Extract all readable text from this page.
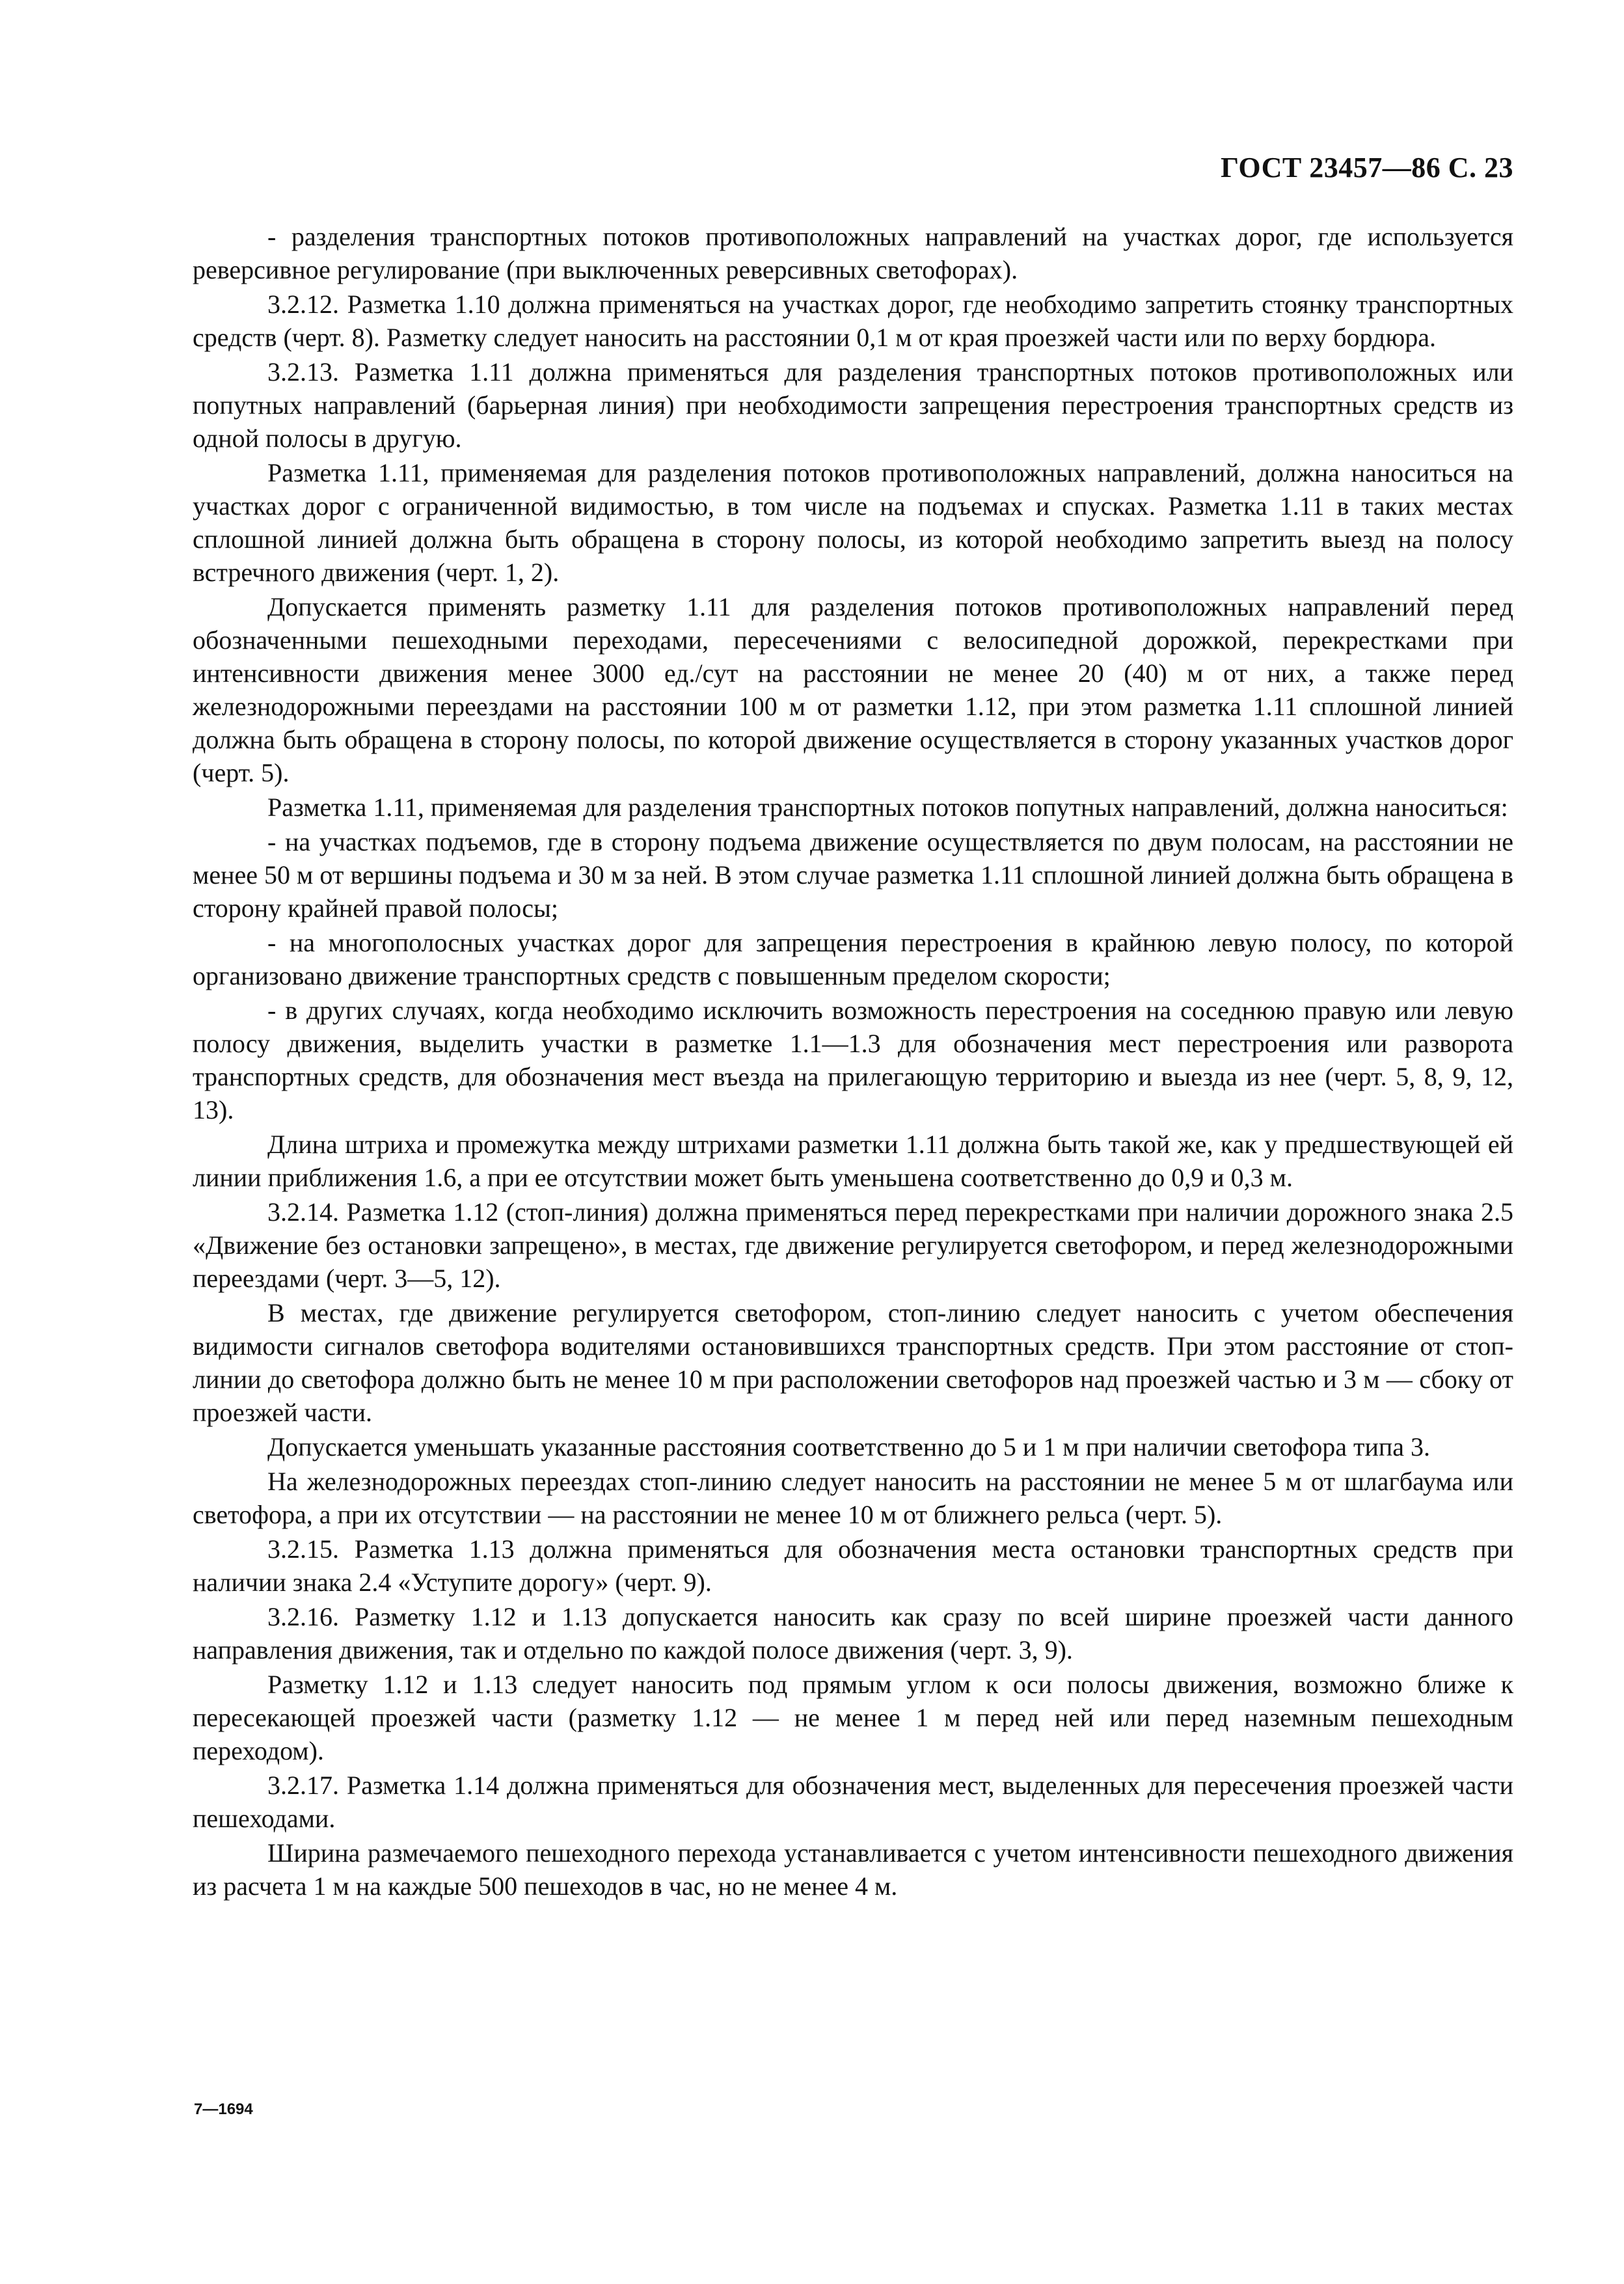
ГОСТ 23457—86 С. 23

- разделения транспортных потоков противоположных направлений на участках дорог, где используется реверсивное регулирование (при выключенных реверсивных светофорах).

3.2.12. Разметка 1.10 должна применяться на участках дорог, где необходимо запретить стоянку транспортных средств (черт. 8). Разметку следует наносить на расстоянии 0,1 м от края проезжей части или по верху бордюра.

3.2.13. Разметка 1.11 должна применяться для разделения транспортных потоков противоположных или попутных направлений (барьерная линия) при необходимости запрещения перестроения транспортных средств из одной полосы в другую.

Разметка 1.11, применяемая для разделения потоков противоположных направлений, должна наноситься на участках дорог с ограниченной видимостью, в том числе на подъемах и спусках. Разметка 1.11 в таких местах сплошной линией должна быть обращена в сторону полосы, из которой необходимо запретить выезд на полосу встречного движения (черт. 1, 2).

Допускается применять разметку 1.11 для разделения потоков противоположных направлений перед обозначенными пешеходными переходами, пересечениями с велосипедной дорожкой, перекрестками при интенсивности движения менее 3000 ед./сут на расстоянии не менее 20 (40) м от них, а также перед железнодорожными переездами на расстоянии 100 м от разметки 1.12, при этом разметка 1.11 сплошной линией должна быть обращена в сторону полосы, по которой движение осуществляется в сторону указанных участков дорог (черт. 5).

Разметка 1.11, применяемая для разделения транспортных потоков попутных направлений, должна наноситься:

- на участках подъемов, где в сторону подъема движение осуществляется по двум полосам, на расстоянии не менее 50 м от вершины подъема и 30 м за ней. В этом случае разметка 1.11 сплошной линией должна быть обращена в сторону крайней правой полосы;

- на многополосных участках дорог для запрещения перестроения в крайнюю левую полосу, по которой организовано движение транспортных средств с повышенным пределом скорости;

- в других случаях, когда необходимо исключить возможность перестроения на соседнюю правую или левую полосу движения, выделить участки в разметке 1.1—1.3 для обозначения мест перестроения или разворота транспортных средств, для обозначения мест въезда на прилегающую территорию и выезда из нее (черт. 5, 8, 9, 12, 13).

Длина штриха и промежутка между штрихами разметки 1.11 должна быть такой же, как у предшествующей ей линии приближения 1.6, а при ее отсутствии может быть уменьшена соответственно до 0,9 и 0,3 м.

3.2.14. Разметка 1.12 (стоп-линия) должна применяться перед перекрестками при наличии дорожного знака 2.5 «Движение без остановки запрещено», в местах, где движение регулируется светофором, и перед железнодорожными переездами (черт. 3—5, 12).

В местах, где движение регулируется светофором, стоп-линию следует наносить с учетом обеспечения видимости сигналов светофора водителями остановившихся транспортных средств. При этом расстояние от стоп-линии до светофора должно быть не менее 10 м при расположении светофоров над проезжей частью и 3 м — сбоку от проезжей части.

Допускается уменьшать указанные расстояния соответственно до 5 и 1 м при наличии светофора типа 3.

На железнодорожных переездах стоп-линию следует наносить на расстоянии не менее 5 м от шлагбаума или светофора, а при их отсутствии — на расстоянии не менее 10 м от ближнего рельса (черт. 5).

3.2.15. Разметка 1.13 должна применяться для обозначения места остановки транспортных средств при наличии знака 2.4 «Уступите дорогу» (черт. 9).

3.2.16. Разметку 1.12 и 1.13 допускается наносить как сразу по всей ширине проезжей части данного направления движения, так и отдельно по каждой полосе движения (черт. 3, 9).

Разметку 1.12 и 1.13 следует наносить под прямым углом к оси полосы движения, возможно ближе к пересекающей проезжей части (разметку 1.12 — не менее 1 м перед ней или перед наземным пешеходным переходом).

3.2.17. Разметка 1.14 должна применяться для обозначения мест, выделенных для пересечения проезжей части пешеходами.

Ширина размечаемого пешеходного перехода устанавливается с учетом интенсивности пешеходного движения из расчета 1 м на каждые 500 пешеходов в час, но не менее 4 м.

7—1694
